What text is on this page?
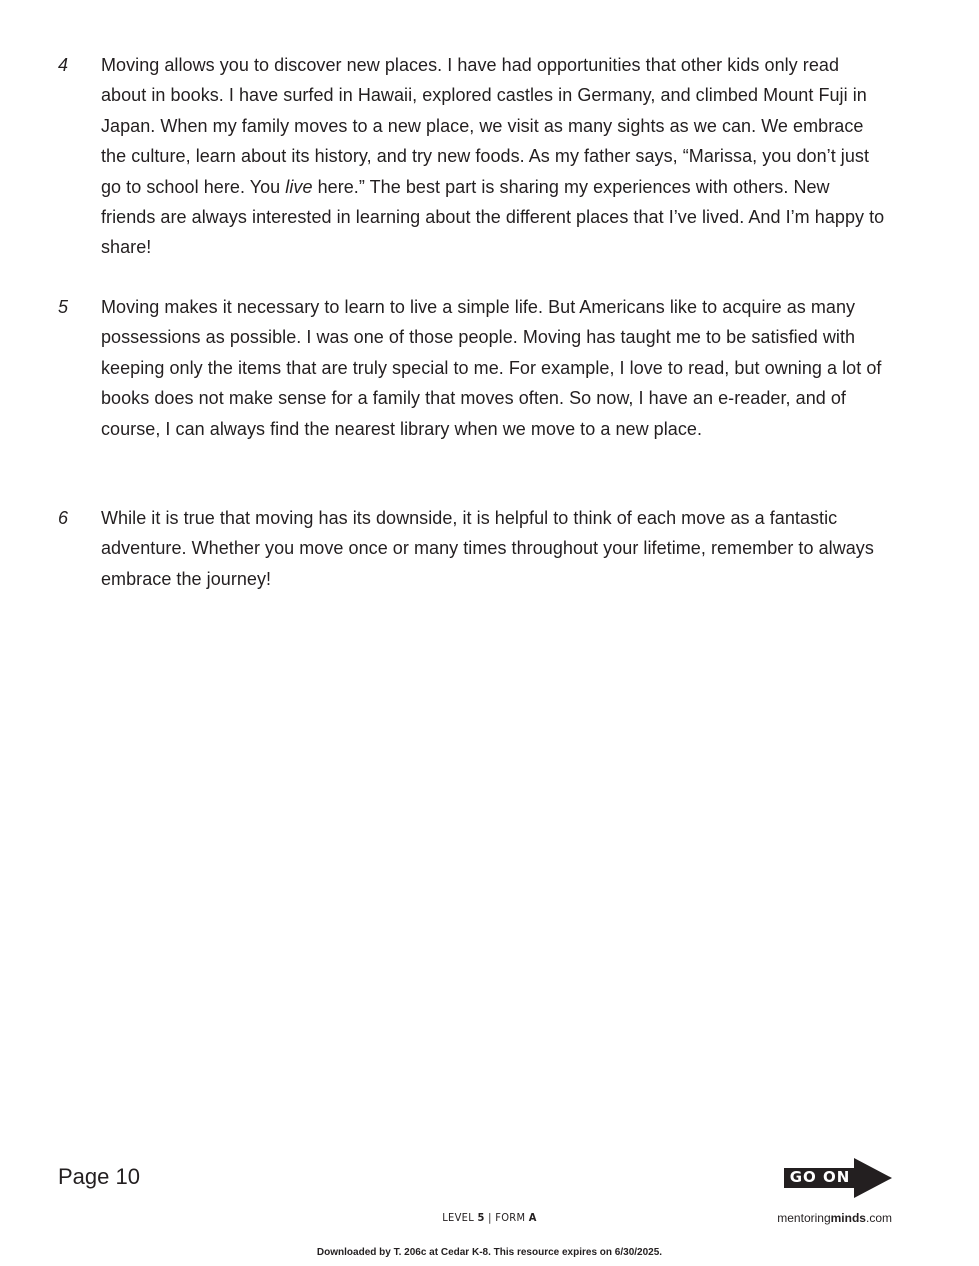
4 Moving allows you to discover new places. I have had opportunities that other kids only read about in books. I have surfed in Hawaii, explored castles in Germany, and climbed Mount Fuji in Japan. When my family moves to a new place, we visit as many sights as we can. We embrace the culture, learn about its history, and try new foods. As my father says, “Marissa, you don’t just go to school here. You live here.” The best part is sharing my experiences with others. New friends are always interested in learning about the different places that I’ve lived. And I’m happy to share!
5 Moving makes it necessary to learn to live a simple life. But Americans like to acquire as many possessions as possible. I was one of those people. Moving has taught me to be satisfied with keeping only the items that are truly special to me. For example, I love to read, but owning a lot of books does not make sense for a family that moves often. So now, I have an e-reader, and of course, I can always find the nearest library when we move to a new place.
6 While it is true that moving has its downside, it is helpful to think of each move as a fantastic adventure. Whether you move once or many times throughout your lifetime, remember to always embrace the journey!
Page 10	GO ON
LEVEL 5 | FORM A	mentoringminds.com
Downloaded by T. 206c at Cedar K-8. This resource expires on 6/30/2025.
